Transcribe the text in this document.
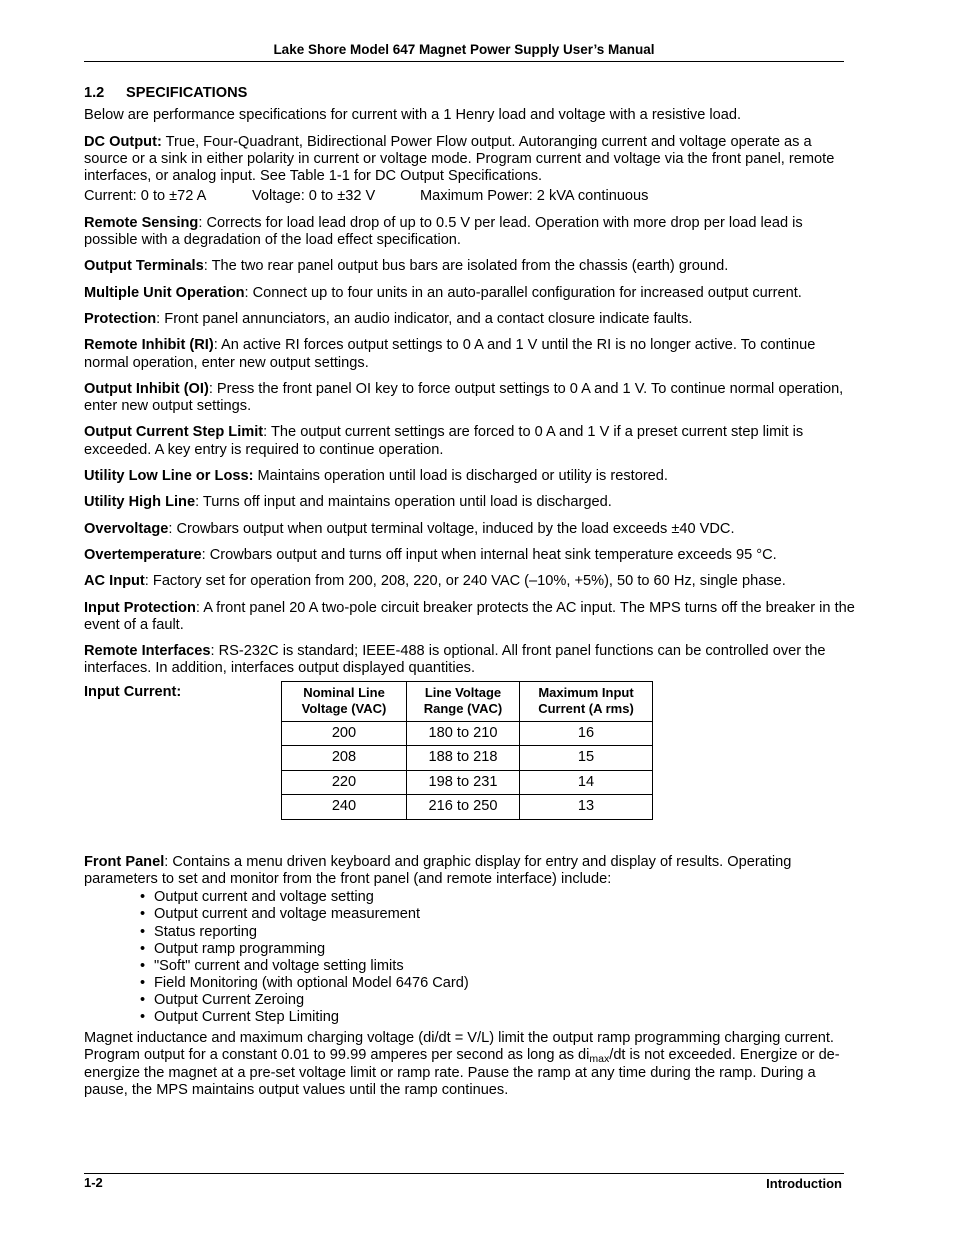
Lake Shore Model 647 Magnet Power Supply User’s Manual
1.2 SPECIFICATIONS

Below are performance specifications for current with a 1 Henry load and voltage with a resistive load.

DC Output: True, Four-Quadrant, Bidirectional Power Flow output. Autoranging current and voltage operate as a source or a sink in either polarity in current or voltage mode. Program current and voltage via the front panel, remote interfaces, or analog input. See Table 1-1 for DC Output Specifications.

Current: 0 to ±72 A	Voltage: 0 to ±32 V	Maximum Power: 2 kVA continuous

Remote Sensing: Corrects for load lead drop of up to 0.5 V per lead. Operation with more drop per load lead is possible with a degradation of the load effect specification.

Output Terminals: The two rear panel output bus bars are isolated from the chassis (earth) ground.

Multiple Unit Operation: Connect up to four units in an auto-parallel configuration for increased output current.

Protection: Front panel annunciators, an audio indicator, and a contact closure indicate faults.

Remote Inhibit (RI): An active RI forces output settings to 0 A and 1 V until the RI is no longer active. To continue normal operation, enter new output settings.

Output Inhibit (OI): Press the front panel OI key to force output settings to 0 A and 1 V. To continue normal operation, enter new output settings.

Output Current Step Limit: The output current settings are forced to 0 A and 1 V if a preset current step limit is exceeded. A key entry is required to continue operation.

Utility Low Line or Loss: Maintains operation until load is discharged or utility is restored.

Utility High Line: Turns off input and maintains operation until load is discharged.

Overvoltage: Crowbars output when output terminal voltage, induced by the load exceeds ±40 VDC.

Overtemperature: Crowbars output and turns off input when internal heat sink temperature exceeds 95 °C.

AC Input: Factory set for operation from 200, 208, 220, or 240 VAC (–10%, +5%), 50 to 60 Hz, single phase.

Input Protection: A front panel 20 A two-pole circuit breaker protects the AC input. The MPS turns off the breaker in the event of a fault.

Remote Interfaces: RS-232C is standard; IEEE-488 is optional. All front panel functions can be controlled over the interfaces. In addition, interfaces output displayed quantities.

Input Current:	Nominal Line Voltage (VAC)	Line Voltage Range (VAC)	Maximum Input Current (A rms)
200	180 to 210	16
208	188 to 218	15
220	198 to 231	14
240	216 to 250	13

Front Panel: Contains a menu driven keyboard and graphic display for entry and display of results. Operating parameters to set and monitor from the front panel (and remote interface) include:

• Output current and voltage setting
• Output current and voltage measurement
• Status reporting
• Output ramp programming
• "Soft" current and voltage setting limits
• Field Monitoring (with optional Model 6476 Card)
• Output Current Zeroing
• Output Current Step Limiting

Magnet inductance and maximum charging voltage (di/dt = V/L) limit the output ramp programming charging current. Program output for a constant 0.01 to 99.99 amperes per second as long as $di_{max}/dt$ is not exceeded. Energize or de-energize the magnet at a pre-set voltage limit or ramp rate. Pause the ramp at any time during the ramp. During a pause, the MPS maintains output values until the ramp continues.

1-2	Introduction
